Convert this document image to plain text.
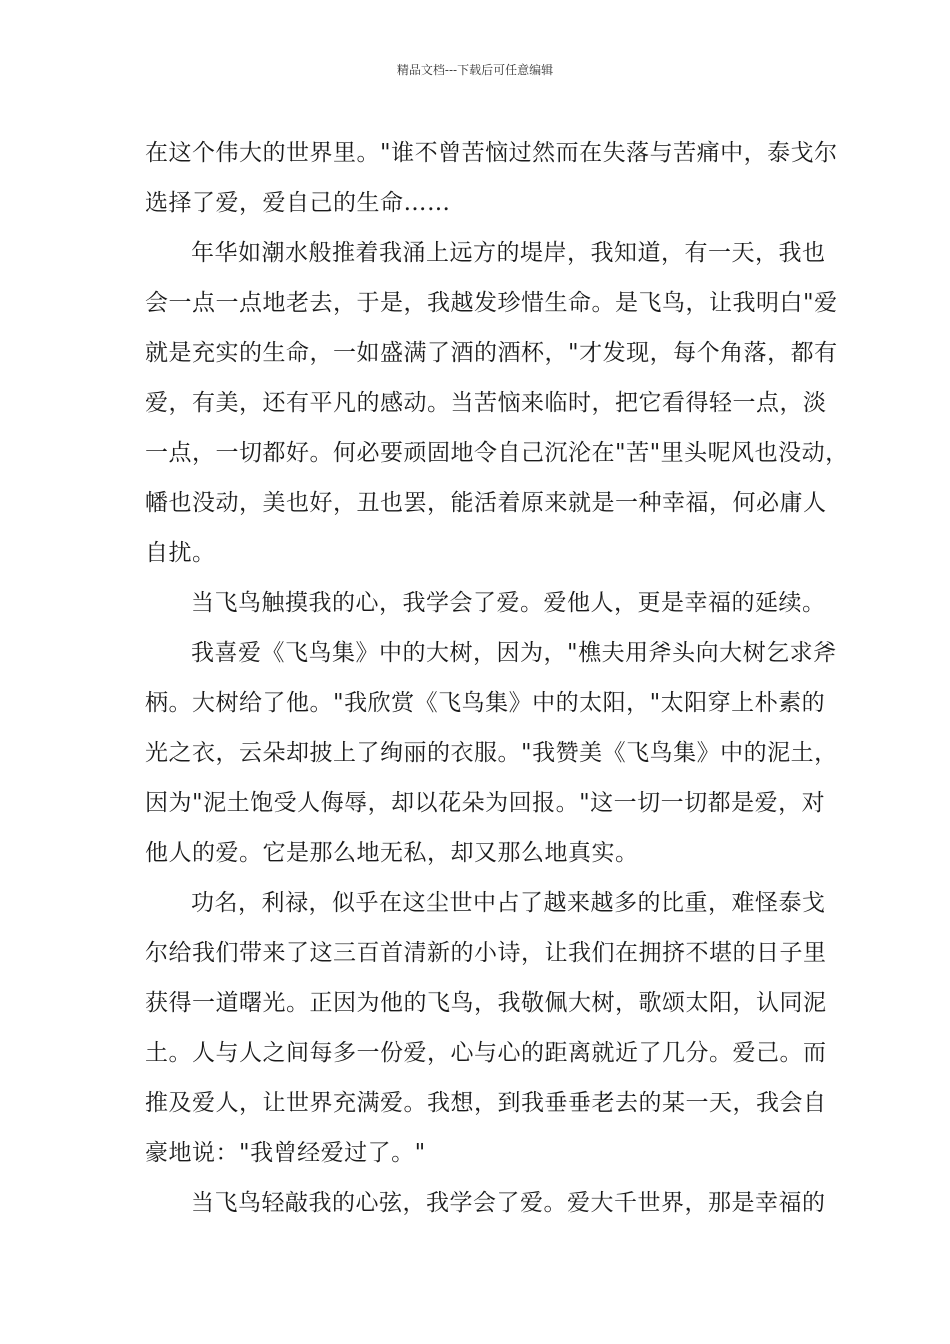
精品文档---下载后可任意编辑
在这个伟大的世界里。"谁不曾苦恼过然而在失落与苦痛中，泰戈尔
选择了爱，爱自己的生命……
年华如潮水般推着我涌上远方的堤岸，我知道，有一天，我也
会一点一点地老去，于是，我越发珍惜生命。是飞鸟，让我明白"爱
就是充实的生命，一如盛满了酒的酒杯，"才发现，每个角落，都有
爱，有美，还有平凡的感动。当苦恼来临时，把它看得轻一点，淡
一点，一切都好。何必要顽固地令自己沉沦在"苦"里头呢风也没动，
幡也没动，美也好，丑也罢，能活着原来就是一种幸福，何必庸人
自扰。
当飞鸟触摸我的心，我学会了爱。爱他人，更是幸福的延续。
我喜爱《飞鸟集》中的大树，因为，"樵夫用斧头向大树乞求斧
柄。大树给了他。"我欣赏《飞鸟集》中的太阳，"太阳穿上朴素的
光之衣，云朵却披上了绚丽的衣服。"我赞美《飞鸟集》中的泥土，
因为"泥土饱受人侮辱，却以花朵为回报。"这一切一切都是爱，对
他人的爱。它是那么地无私，却又那么地真实。
功名，利禄，似乎在这尘世中占了越来越多的比重，难怪泰戈
尔给我们带来了这三百首清新的小诗，让我们在拥挤不堪的日子里
获得一道曙光。正因为他的飞鸟，我敬佩大树，歌颂太阳，认同泥
土。人与人之间每多一份爱，心与心的距离就近了几分。爱己。而
推及爱人，让世界充满爱。我想，到我垂垂老去的某一天，我会自
豪地说："我曾经爱过了。"
当飞鸟轻敲我的心弦，我学会了爱。爱大千世界，那是幸福的
